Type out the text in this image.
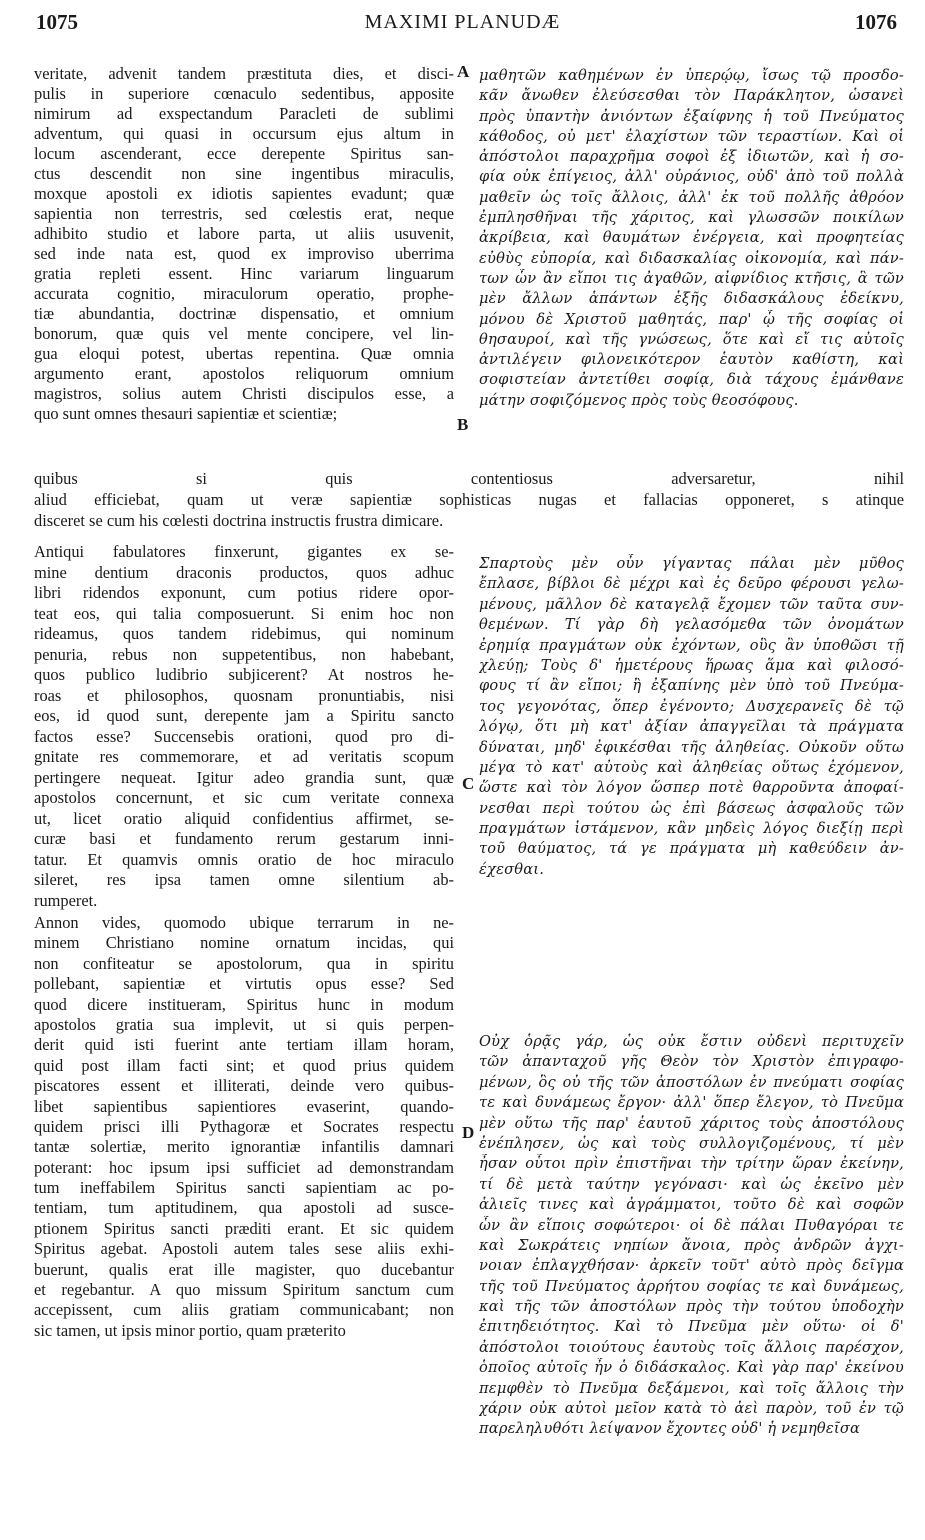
1075	MAXIMI PLANUDÆ	1076
A
B
C
D
veritate, advenit tandem præstituta dies, et disci-
pulis in superiore cœnaculo sedentibus, apposite
nimirum ad exspectandum Paracleti de sublimi
adventum, qui quasi in occursum ejus altum in
locum ascenderant, ecce derepente Spiritus san-
ctus descendit non sine ingentibus miraculis,
moxque apostoli ex idiotis sapientes evadunt; quæ
sapientia non terrestris, sed cœlestis erat, neque
adhibito studio et labore parta, ut aliis usuvenit,
sed inde nata est, quod ex improviso uberrima
gratia repleti essent. Hinc variarum linguarum
accurata cognitio, miraculorum operatio, prophe-
tiæ abundantia, doctrinæ dispensatio, et omnium
bonorum, quæ quis vel mente concipere, vel lin-
gua eloqui potest, ubertas repentina. Quæ omnia
argumento erant, apostolos reliquorum omnium
magistros, solius autem Christi discipulos esse, a
quo sunt omnes thesauri sapientiæ et scientiæ;
μαθητῶν καθημένων ἐν ὑπερῴῳ, ἴσως τῷ προσδο-
κᾶν ἄνωθεν ἐλεύσεσθαι τὸν Παράκλητον, ὡσανεὶ
πρὸς ὑπαντὴν ἀνιόντων ἐξαίφνης ἡ τοῦ Πνεύματος
κάθοδος, οὐ μετ' ἐλαχίστων τῶν τεραστίων. Καὶ οἱ
ἀπόστολοι παραχρῆμα σοφοὶ ἐξ ἰδιωτῶν, καὶ ἡ σο-
φία οὐκ ἐπίγειος, ἀλλ' οὐράνιος, οὐδ' ἀπὸ τοῦ πολλὰ
μαθεῖν ὡς τοῖς ἄλλοις, ἀλλ' ἐκ τοῦ πολλῆς ἀθρόον
ἐμπλησθῆναι τῆς χάριτος, καὶ γλωσσῶν ποικίλων
ἀκρίβεια, καὶ θαυμάτων ἐνέργεια, καὶ προφητείας
εὐθὺς εὐπορία, καὶ διδασκαλίας οἰκονομία, καὶ πάν-
των ὧν ἂν εἴποι τις ἀγαθῶν, αἰφνίδιος κτῆσις, ἃ τῶν
μὲν ἄλλων ἁπάντων ἑξῆς διδασκάλους ἐδείκνυ,
μόνου δὲ Χριστοῦ μαθητάς, παρ' ᾧ τῆς σοφίας οἱ
θησαυροί, καὶ τῆς γνώσεως, ὅτε καὶ εἴ τις αὐτοῖς
ἀντιλέγειν φιλονεικότερον ἑαυτὸν καθίστη, καὶ
σοφιστείαν ἀντετίθει σοφίᾳ, διὰ τάχους ἐμάνθανε
μάτην σοφιζόμενος πρὸς τοὺς θεοσόφους.
quibus si quis contentiosus adversaretur, nihil
aliud efficiebat, quam ut veræ sapientiæ sophisticas nugas et fallacias opponeret, s atinque
disceret se cum his cœlesti doctrina instructis frustra dimicare.
Antiqui fabulatores finxerunt, gigantes ex se-
mine dentium draconis productos, quos adhuc
libri ridendos exponunt, cum potius ridere opor-
teat eos, qui talia composuerunt. Si enim hoc non
rideamus, quos tandem ridebimus, qui nominum
penuria, rebus non suppetentibus, non habebant,
quos publico ludibrio subjicerent? At nostros he-
roas et philosophos, quosnam pronuntiabis, nisi
eos, id quod sunt, derepente jam a Spiritu sancto
factos esse? Succensebis orationi, quod pro di-
gnitate res commemorare, et ad veritatis scopum
pertingere nequeat. Igitur adeo grandia sunt, quæ
apostolos concernunt, et sic cum veritate connexa
ut, licet oratio aliquid confidentius affirmet, se-
curæ basi et fundamento rerum gestarum inni-
tatur. Et quamvis omnis oratio de hoc miraculo
sileret, res ipsa tamen omne silentium ab-
rumperet.
Σπαρτοὺς μὲν οὖν γίγαντας πάλαι μὲν μῦθος
ἔπλασε, βίβλοι δὲ μέχρι καὶ ἐς δεῦρο φέρουσι γελω-
μένους, μᾶλλον δὲ καταγελᾷ ἔχομεν τῶν ταῦτα συν-
θεμένων. Τί γὰρ δὴ γελασόμεθα τῶν ὀνομάτων
ἐρημίᾳ πραγμάτων οὐκ ἐχόντων, οὓς ἂν ὑποθῶσι τῇ
χλεύῃ; Τοὺς δ' ἡμετέρους ἥρωας ἅμα καὶ φιλοσό-
φους τί ἂν εἴποι; ἢ ἐξαπίνης μὲν ὑπὸ τοῦ Πνεύμα-
τος γεγονότας, ὅπερ ἐγένοντο; Δυσχερανεῖς δὲ τῷ
λόγῳ, ὅτι μὴ κατ' ἀξίαν ἀπαγγεῖλαι τὰ πράγματα
δύναται, μηδ' ἐφικέσθαι τῆς ἀληθείας. Οὐκοῦν οὕτω
μέγα τὸ κατ' αὐτοὺς καὶ ἀληθείας οὕτως ἐχόμενον,
ὥστε καὶ τὸν λόγον ὥσπερ ποτὲ θαρροῦντα ἀποφαί-
νεσθαι περὶ τούτου ὡς ἐπὶ βάσεως ἀσφαλοῦς τῶν
πραγμάτων ἱστάμενον, κἂν μηδεὶς λόγος διεξίῃ περὶ
τοῦ θαύματος, τά γε πράγματα μὴ καθεύδειν ἀν-
έχεσθαι.
Annon vides, quomodo ubique terrarum in ne-
minem Christiano nomine ornatum incidas, qui
non confiteatur se apostolorum, qua in spiritu
pollebant, sapientiæ et virtutis opus esse? Sed
quod dicere institueram, Spiritus hunc in modum
apostolos gratia sua implevit, ut si quis perpen-
derit quid isti fuerint ante tertiam illam horam,
quid post illam facti sint; et quod prius quidem
piscatores essent et illiterati, deinde vero quibus-
libet sapientibus sapientiores evaserint, quando-
quidem prisci illi Pythagoræ et Socrates respectu
tantæ solertiæ, merito ignorantiæ infantilis damnari
poterant: hoc ipsum ipsi sufficiet ad demonstrandam
tum ineffabilem Spiritus sancti sapientiam ac po-
tentiam, tum aptitudinem, qua apostoli ad susce-
ptionem Spiritus sancti præditi erant. Et sic quidem
Spiritus agebat. Apostoli autem tales sese aliis exhi-
buerunt, qualis erat ille magister, quo ducebantur
et regebantur. A quo missum Spiritum sanctum cum
accepissent, cum aliis gratiam communicabant; non
sic tamen, ut ipsis minor portio, quam præterito
Οὐχ ὁρᾷς γάρ, ὡς οὐκ ἔστιν οὐδενὶ περιτυχεῖν
τῶν ἁπανταχοῦ γῆς Θεὸν τὸν Χριστὸν ἐπιγραφο-
μένων, ὃς οὐ τῆς τῶν ἀποστόλων ἐν πνεύματι σοφίας
τε καὶ δυνάμεως ἔργον· ἀλλ' ὅπερ ἔλεγον, τὸ Πνεῦμα
μὲν οὕτω τῆς παρ' ἑαυτοῦ χάριτος τοὺς ἀποστόλους
ἐνέπλησεν, ὡς καὶ τοὺς συλλογιζομένους, τί μὲν
ἦσαν οὗτοι πρὶν ἐπιστῆναι τὴν τρίτην ὥραν ἐκείνην,
τί δὲ μετὰ ταύτην γεγόνασι· καὶ ὡς ἐκεῖνο μὲν
ἁλιεῖς τινες καὶ ἀγράμματοι, τοῦτο δὲ καὶ σοφῶν
ὧν ἂν εἴποις σοφώτεροι· οἱ δὲ πάλαι Πυθαγόραι τε
καὶ Σωκράτεις νηπίων ἄνοια, πρὸς ἀνδρῶν ἀγχι-
νοιαν ἐπλαγχθήσαν· ἀρκεῖν τοῦτ' αὐτὸ πρὸς δεῖγμα
τῆς τοῦ Πνεύματος ἀρρήτου σοφίας τε καὶ δυνάμεως,
καὶ τῆς τῶν ἀποστόλων πρὸς τὴν τούτου ὑποδοχὴν
ἐπιτηδειότητος. Καὶ τὸ Πνεῦμα μὲν οὕτω· οἱ δ'
ἀπόστολοι τοιούτους ἑαυτοὺς τοῖς ἄλλοις παρέσχον,
ὁποῖος αὐτοῖς ἦν ὁ διδάσκαλος. Καὶ γὰρ παρ' ἐκείνου
πεμφθὲν τὸ Πνεῦμα δεξάμενοι, καὶ τοῖς ἄλλοις τὴν
χάριν οὐκ αὐτοὶ μεῖον κατὰ τὸ ἀεὶ παρὸν, τοῦ ἐν τῷ
παρεληλυθότι λείψανον ἔχοντες οὐδ' ἡ νεμηθεῖσα
